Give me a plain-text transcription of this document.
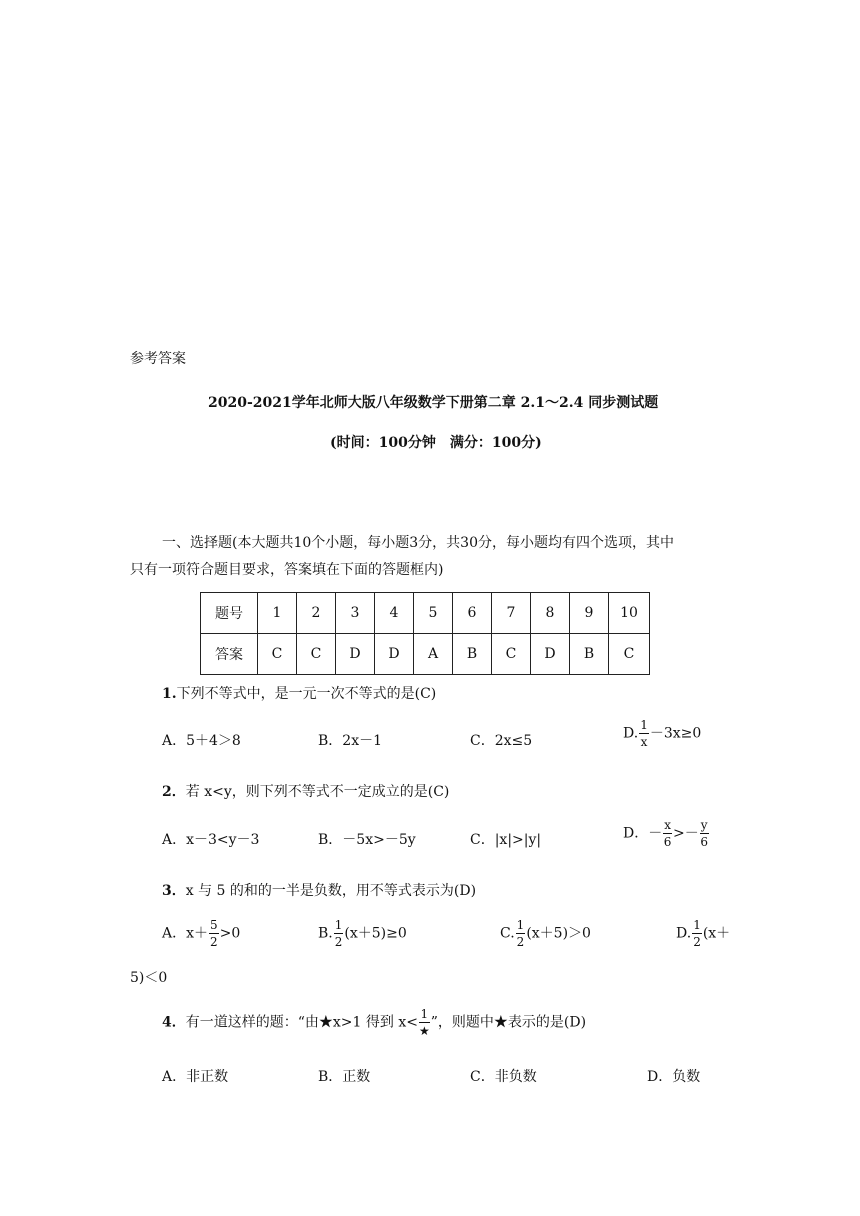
参考答案
2020-2021学年北师大版八年级数学下册第二章 2.1～2.4 同步测试题
(时间：100分钟　满分：100分)
一、选择题(本大题共10个小题，每小题3分，共30分，每小题均有四个选项，其中
只有一项符合题目要求，答案填在下面的答题框内)
题号	1	2	3	4	5	6	7	8	9	10
答案	C	C	D	D	A	B	C	D	B	C
1.下列不等式中，是一元一次不等式的是(C)
A．5＋4＞8	B．2x－1	C．2x≤5	D. $\frac{1}{x} -3x\ge 0$
2．若 x<y，则下列不等式不一定成立的是(C)
A．x－3<y－3	B．－5x>－5y	C．|x|>|y|	D．－ $\frac{x}{6} >- \frac{y}{6}$
3．x 与 5 的和的一半是负数，用不等式表示为(D)
A．$x+ \frac{5}{2} >0$	B. $\frac{1}{2} (x+5)\ge 0$	C. $\frac{1}{2} (x+5)>0$	D. $\frac{1}{2} (x+$
5)＜0
4．有一道这样的题：“由★x>1 得到 $x< \frac{1}{★}$ ”，则题中★表示的是(D)
A．非正数	B．正数	C．非负数	D．负数
